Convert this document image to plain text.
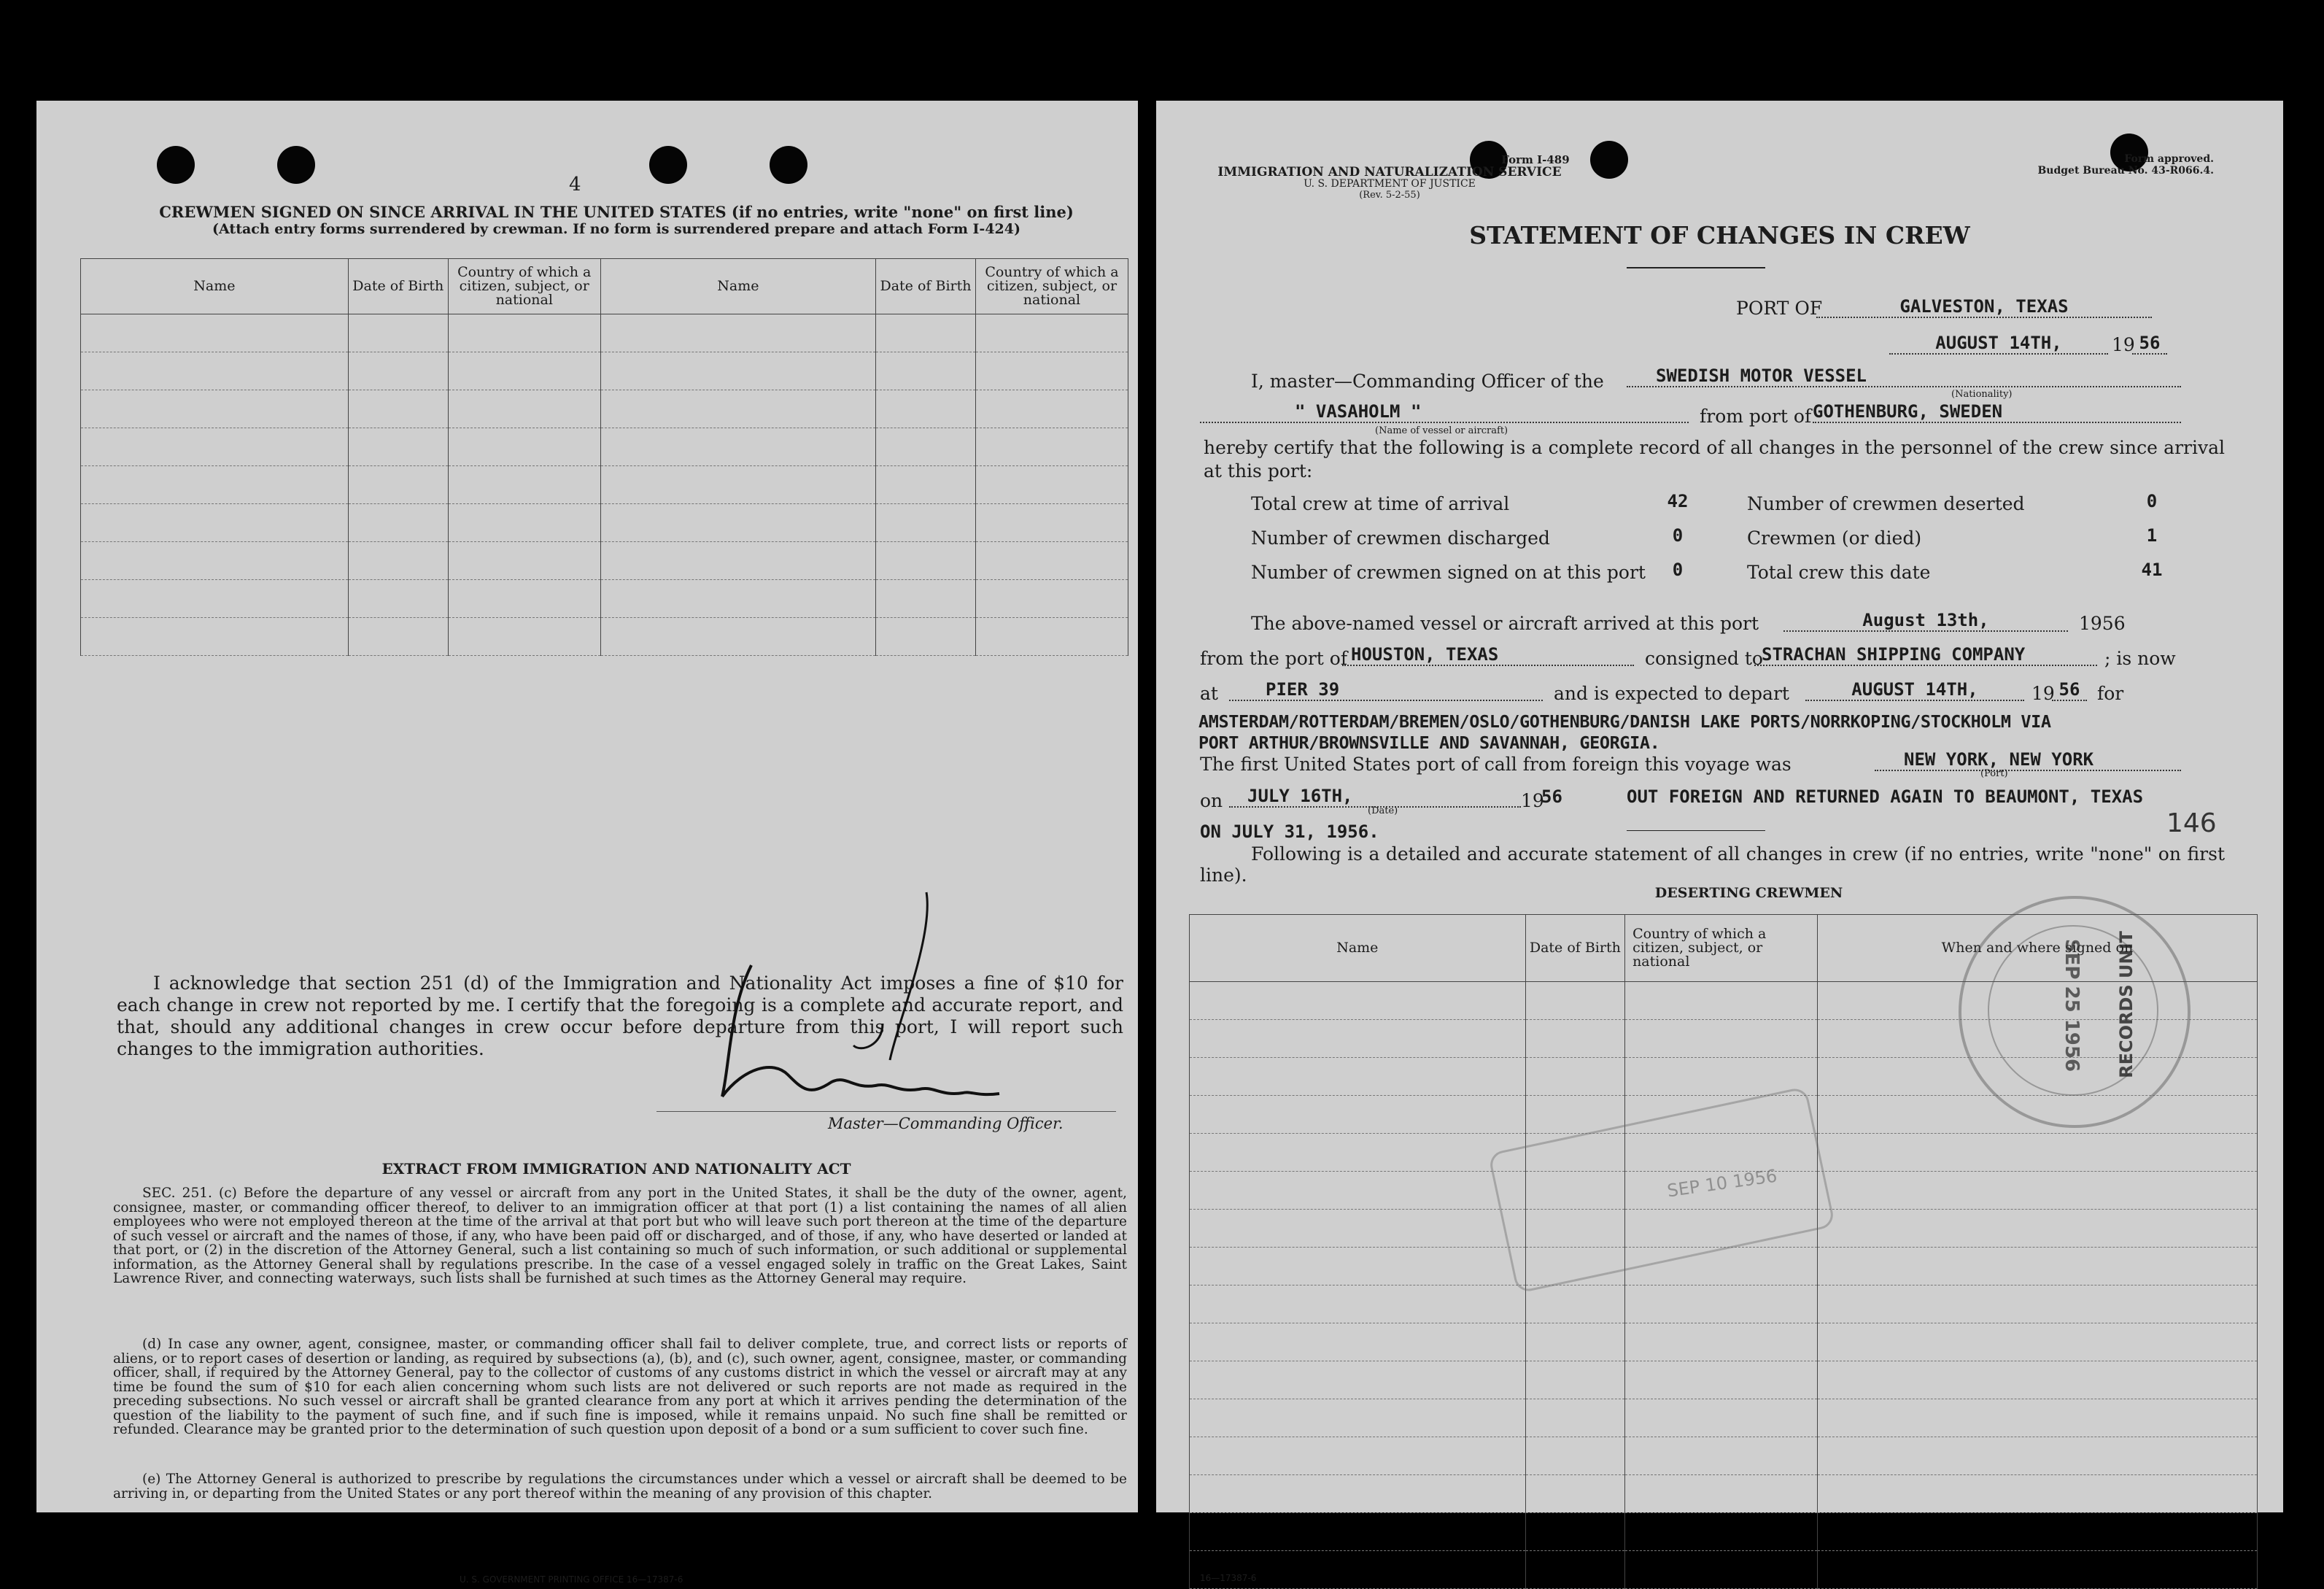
4
CREWMEN SIGNED ON SINCE ARRIVAL IN THE UNITED STATES (if no entries, write "none" on first line)
(Attach entry forms surrendered by crewman. If no form is surrendered prepare and attach Form I-424)
Name	Date of Birth	Country of which a citizen, subject, or national	Name	Date of Birth	Country of which a citizen, subject, or national

I acknowledge that section 251 (d) of the Immigration and Nationality Act imposes a fine of $10 for each change in crew not reported by me. I certify that the foregoing is a complete and accurate report, and that, should any additional changes in crew occur before departure from this port, I will report such changes to the immigration authorities.
Master—Commanding Officer.
EXTRACT FROM IMMIGRATION AND NATIONALITY ACT
SEC. 251. (c) Before the departure of any vessel or aircraft from any port in the United States, it shall be the duty of the owner, agent, consignee, master, or commanding officer thereof, to deliver to an immigration officer at that port (1) a list containing the names of all alien employees who were not employed thereon at the time of the arrival at that port but who will leave such port thereon at the time of the departure of such vessel or aircraft and the names of those, if any, who have been paid off or discharged, and of those, if any, who have deserted or landed at that port, or (2) in the discretion of the Attorney General, such a list containing so much of such information, or such additional or supplemental information, as the Attorney General shall by regulations prescribe. In the case of a vessel engaged solely in traffic on the Great Lakes, Saint Lawrence River, and connecting waterways, such lists shall be furnished at such times as the Attorney General may require.
(d) In case any owner, agent, consignee, master, or commanding officer shall fail to deliver complete, true, and correct lists or reports of aliens, or to report cases of desertion or landing, as required by subsections (a), (b), and (c), such owner, agent, consignee, master, or commanding officer, shall, if required by the Attorney General, pay to the collector of customs of any customs district in which the vessel or aircraft may at any time be found the sum of $10 for each alien concerning whom such lists are not delivered or such reports are not made as required in the preceding subsections. No such vessel or aircraft shall be granted clearance from any port at which it arrives pending the determination of the question of the liability to the payment of such fine, and if such fine is imposed, while it remains unpaid. No such fine shall be remitted or refunded. Clearance may be granted prior to the determination of such question upon deposit of a bond or a sum sufficient to cover such fine.
(e) The Attorney General is authorized to prescribe by regulations the circumstances under which a vessel or aircraft shall be deemed to be arriving in, or departing from the United States or any port thereof within the meaning of any provision of this chapter.
U. S. GOVERNMENT PRINTING OFFICE 16—17387-6
Form I-489
IMMIGRATION AND NATURALIZATION SERVICE
U. S. DEPARTMENT OF JUSTICE
(Rev. 5-2-55)
Form approved.
Budget Bureau No. 43-R066.4.
STATEMENT OF CHANGES IN CREW
PORT OF	GALVESTON, TEXAS
AUGUST 14TH,	19 56
I, master—Commanding Officer of the	SWEDISH MOTOR VESSEL
(Nationality)
" VASAHOLM "
(Name of vessel or aircraft)
from port of GOTHENBURG, SWEDEN
hereby certify that the following is a complete record of all changes in the personnel of the crew since arrival at this port:
Total crew at time of arrival	42	Number of crewmen deserted	0
Number of crewmen discharged	0	Crewmen (or died)	1
Number of crewmen signed on at this port	0	Total crew this date	41
The above-named vessel or aircraft arrived at this port	August 13th,	1956
from the port of HOUSTON, TEXAS	consigned to
STRACHAN SHIPPING COMPANY	; is now
at	PIER 39	and is expected to depart	AUGUST 14TH,	19 56 for
AMSTERDAM/ROTTERDAM/BREMEN/OSLO/GOTHENBURG/DANISH LAKE PORTS/NORRKOPING/STOCKHOLM VIA
PORT ARTHUR/BROWNSVILLE AND SAVANNAH, GEORGIA.
The first United States port of call from foreign this voyage was	NEW YORK, NEW YORK
(Port)
on	JULY 16TH,
(Date)	19
56	OUT FOREIGN AND RETURNED AGAIN TO BEAUMONT, TEXAS
ON JULY 31, 1956.	146
Following is a detailed and accurate statement of all changes in crew (if no entries, write "none" on first line).
DESERTING CREWMEN
Name	Date of Birth	Country of which a citizen, subject, or national	When and where signed on

SEP 25 1956 RECORDS UNIT
SEP 10 1956
16—17387-6
